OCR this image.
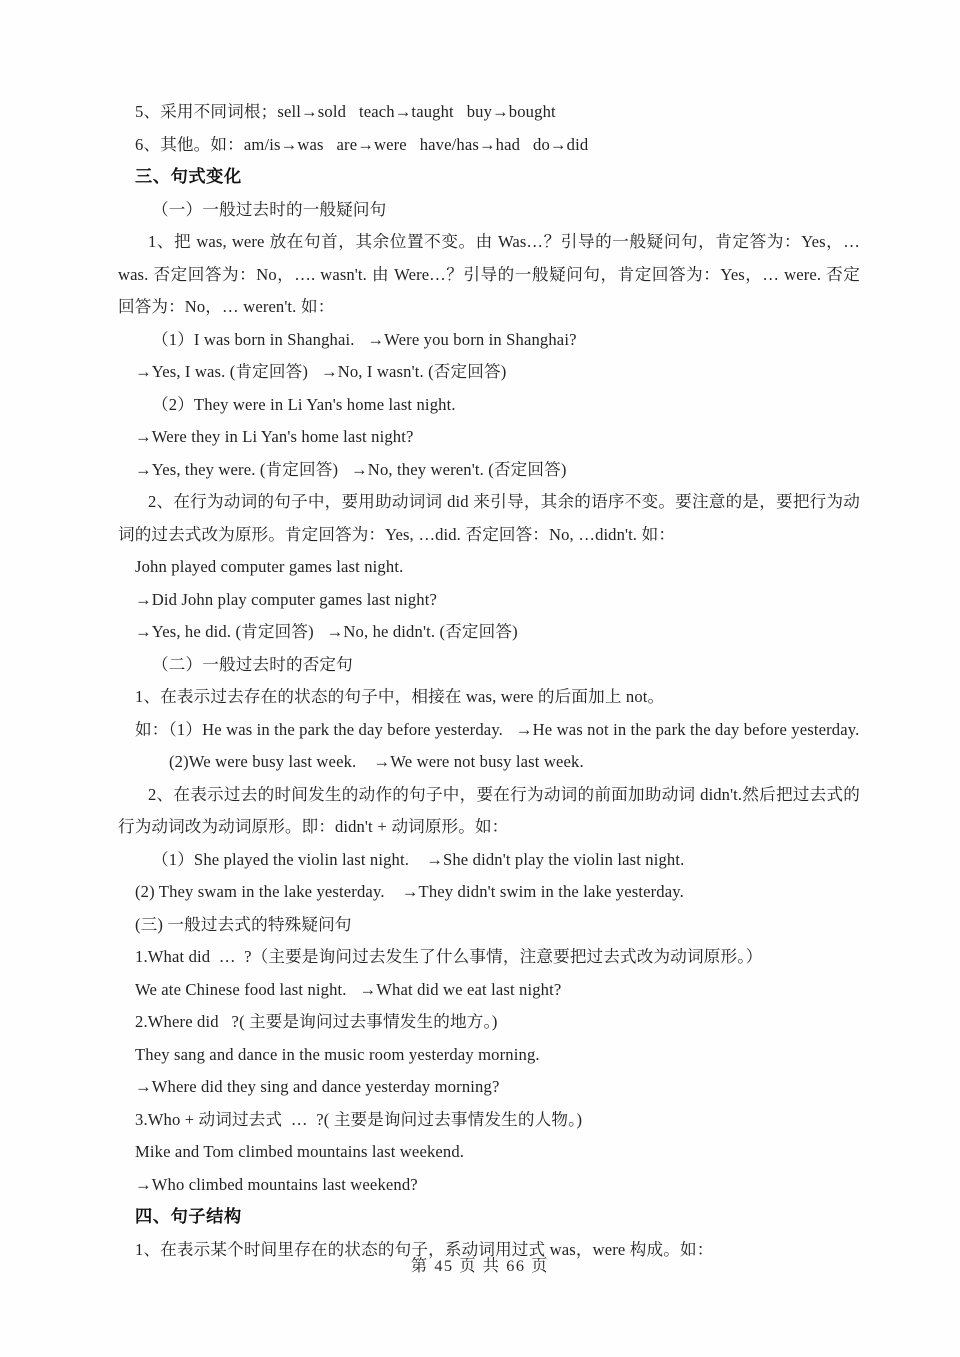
5、采用不同词根；sell→sold   teach→taught   buy→bought
6、其他。如：am/is→was   are→were   have/has→had   do→did
三、句式变化
（一）一般过去时的一般疑问句
1、把 was, were 放在句首，其余位置不变。由 Was…？引导的一般疑问句，肯定答为：Yes，… was. 否定回答为：No，…. wasn't. 由 Were…？引导的一般疑问句，肯定回答为：Yes，… were. 否定回答为：No，… weren't. 如：
（1）I was born in Shanghai.   →Were you born in Shanghai?
→Yes, I was. (肯定回答)   →No, I wasn't. (否定回答)
（2）They were in Li Yan's home last night.
→Were they in Li Yan's home last night?
→Yes, they were. (肯定回答)   →No, they weren't. (否定回答)
2、在行为动词的句子中，要用助动词词 did 来引导，其余的语序不变。要注意的是，要把行为动词的过去式改为原形。肯定回答为：Yes, …did. 否定回答：No, …didn't. 如：
John played computer games last night.
→Did John play computer games last night?
→Yes, he did. (肯定回答)   →No, he didn't. (否定回答)
（二）一般过去时的否定句
1、在表示过去存在的状态的句子中，相接在 was, were 的后面加上 not。
如：（1）He was in the park the day before yesterday.   →He was not in the park the day before yesterday.
(2)We were busy last week.    →We were not busy last week.
2、在表示过去的时间发生的动作的句子中，要在行为动词的前面加助动词 didn't.然后把过去式的行为动词改为动词原形。即：didn't + 动词原形。如：
（1）She played the violin last night.    →She didn't play the violin last night.
(2) They swam in the lake yesterday.    →They didn't swim in the lake yesterday.
(三) 一般过去式的特殊疑问句
1.What did  …  ?（主要是询问过去发生了什么事情，注意要把过去式改为动词原形。）
We ate Chinese food last night.   →What did we eat last night?
2.Where did   ?( 主要是询问过去事情发生的地方。)
They sang and dance in the music room yesterday morning.
→Where did they sing and dance yesterday morning?
3.Who + 动词过去式  …  ?( 主要是询问过去事情发生的人物。)
Mike and Tom climbed mountains last weekend.
→Who climbed mountains last weekend?
四、句子结构
1、在表示某个时间里存在的状态的句子，系动词用过式 was，were 构成。如：
第 45 页 共 66 页
